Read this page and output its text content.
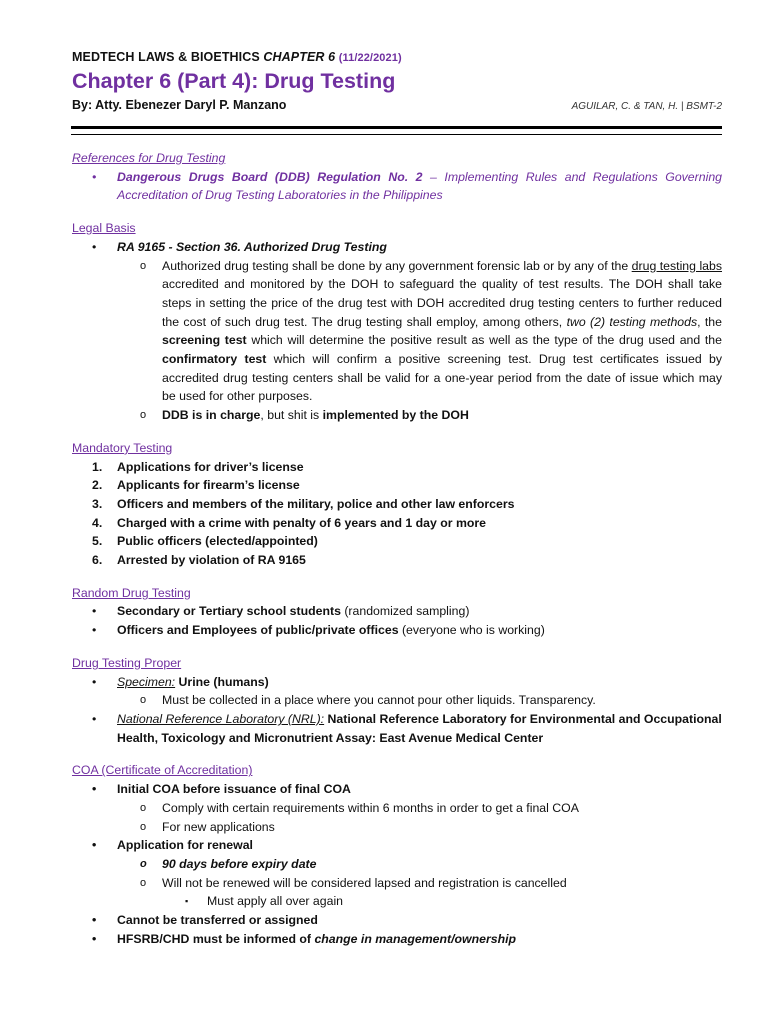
MEDTECH LAWS & BIOETHICS CHAPTER 6 (11/22/2021)
Chapter 6 (Part 4): Drug Testing
By: Atty. Ebenezer Daryl P. Manzano	AGUILAR, C. & TAN, H. | BSMT-2
References for Drug Testing
•	Dangerous Drugs Board (DDB) Regulation No. 2 – Implementing Rules and Regulations Governing Accreditation of Drug Testing Laboratories in the Philippines
Legal Basis
•	RA 9165 - Section 36. Authorized Drug Testing
o Authorized drug testing shall be done by any government forensic lab or by any of the drug testing labs accredited and monitored by the DOH to safeguard the quality of test results. The DOH shall take steps in setting the price of the drug test with DOH accredited drug testing centers to further reduced the cost of such drug test. The drug testing shall employ, among others, two (2) testing methods, the screening test which will determine the positive result as well as the type of the drug used and the confirmatory test which will confirm a positive screening test. Drug test certificates issued by accredited drug testing centers shall be valid for a one-year period from the date of issue which may be used for other purposes.
o DDB is in charge, but shit is implemented by the DOH
Mandatory Testing
1. Applications for driver’s license
2. Applicants for firearm’s license
3. Officers and members of the military, police and other law enforcers
4. Charged with a crime with penalty of 6 years and 1 day or more
5. Public officers (elected/appointed)
6. Arrested by violation of RA 9165
Random Drug Testing
•	Secondary or Tertiary school students (randomized sampling)
•	Officers and Employees of public/private offices (everyone who is working)
Drug Testing Proper
•	Specimen: Urine (humans)
o Must be collected in a place where you cannot pour other liquids. Transparency.
•	National Reference Laboratory (NRL): National Reference Laboratory for Environmental and Occupational Health, Toxicology and Micronutrient Assay: East Avenue Medical Center
COA (Certificate of Accreditation)
•	Initial COA before issuance of final COA
o Comply with certain requirements within 6 months in order to get a final COA
o For new applications
•	Application for renewal
o 90 days before expiry date
o Will not be renewed will be considered lapsed and registration is cancelled
▪ Must apply all over again
•	Cannot be transferred or assigned
•	HFSRB/CHD must be informed of change in management/ownership
